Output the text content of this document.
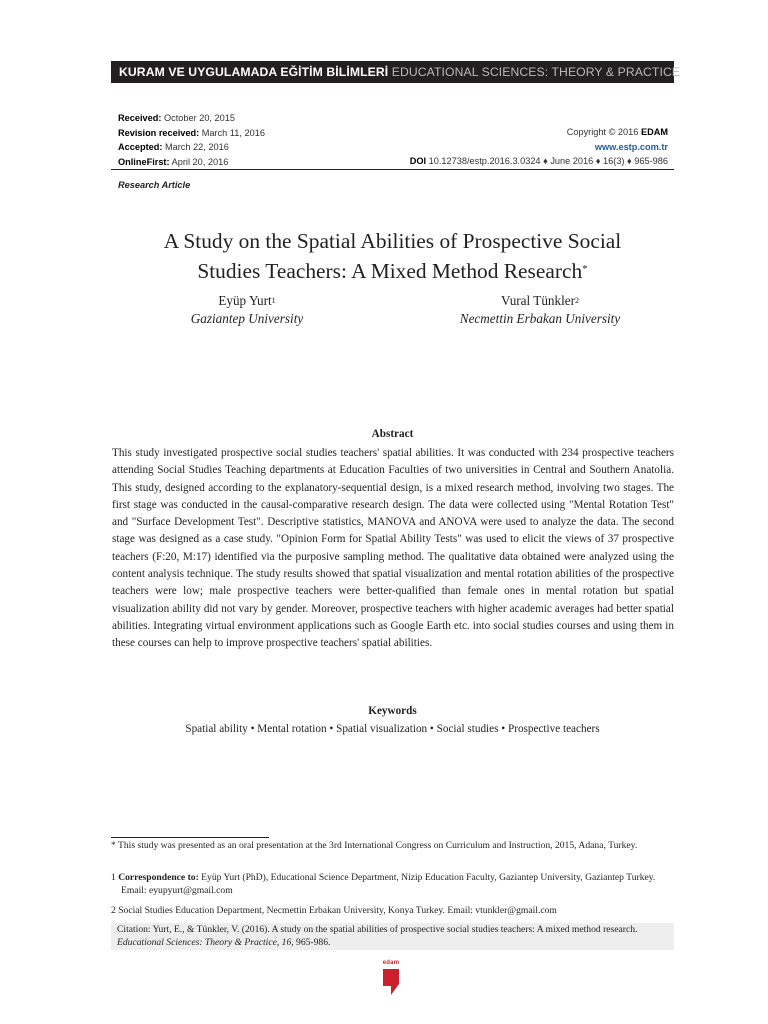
KURAM VE UYGULAMADA EĞİTİM BİLİMLERİ EDUCATIONAL SCIENCES: THEORY & PRACTICE
Received: October 20, 2015
Revision received: March 11, 2016
Accepted: March 22, 2016
OnlineFirst: April 20, 2016
Copyright © 2016 EDAM
www.estp.com.tr
DOI 10.12738/estp.2016.3.0324 ♦ June 2016 ♦ 16(3) ♦ 965-986
Research Article
A Study on the Spatial Abilities of Prospective Social
Studies Teachers: A Mixed Method Research*
Eyüp Yurt$^1$
Gaziantep University
Vural Tünkler$^2$
Necmettin Erbakan University
Abstract
This study investigated prospective social studies teachers' spatial abilities. It was conducted with 234 prospective teachers attending Social Studies Teaching departments at Education Faculties of two universities in Central and Southern Anatolia. This study, designed according to the explanatory-sequential design, is a mixed research method, involving two stages. The first stage was conducted in the causal-comparative research design. The data were collected using "Mental Rotation Test" and "Surface Development Test". Descriptive statistics, MANOVA and ANOVA were used to analyze the data. The second stage was designed as a case study. "Opinion Form for Spatial Ability Tests" was used to elicit the views of 37 prospective teachers (F:20, M:17) identified via the purposive sampling method. The qualitative data obtained were analyzed using the content analysis technique. The study results showed that spatial visualization and mental rotation abilities of the prospective teachers were low; male prospective teachers were better-qualified than female ones in mental rotation but spatial visualization ability did not vary by gender. Moreover, prospective teachers with higher academic averages had better spatial abilities. Integrating virtual environment applications such as Google Earth etc. into social studies courses and using them in these courses can help to improve prospective teachers' spatial abilities.
Keywords
Spatial ability • Mental rotation • Spatial visualization • Social studies • Prospective teachers
* This study was presented as an oral presentation at the 3rd International Congress on Curriculum and Instruction, 2015, Adana, Turkey.
1 Correspondence to: Eyüp Yurt (PhD), Educational Science Department, Nizip Education Faculty, Gaziantep University, Gaziantep Turkey. Email: eyupyurt@gmail.com
2 Social Studies Education Department, Necmettin Erbakan University, Konya Turkey. Email: vtunkler@gmail.com
Citation: Yurt, E., & Tünkler, V. (2016). A study on the spatial abilities of prospective social studies teachers: A mixed method research. Educational Sciences: Theory & Practice, 16, 965-986.
edam
